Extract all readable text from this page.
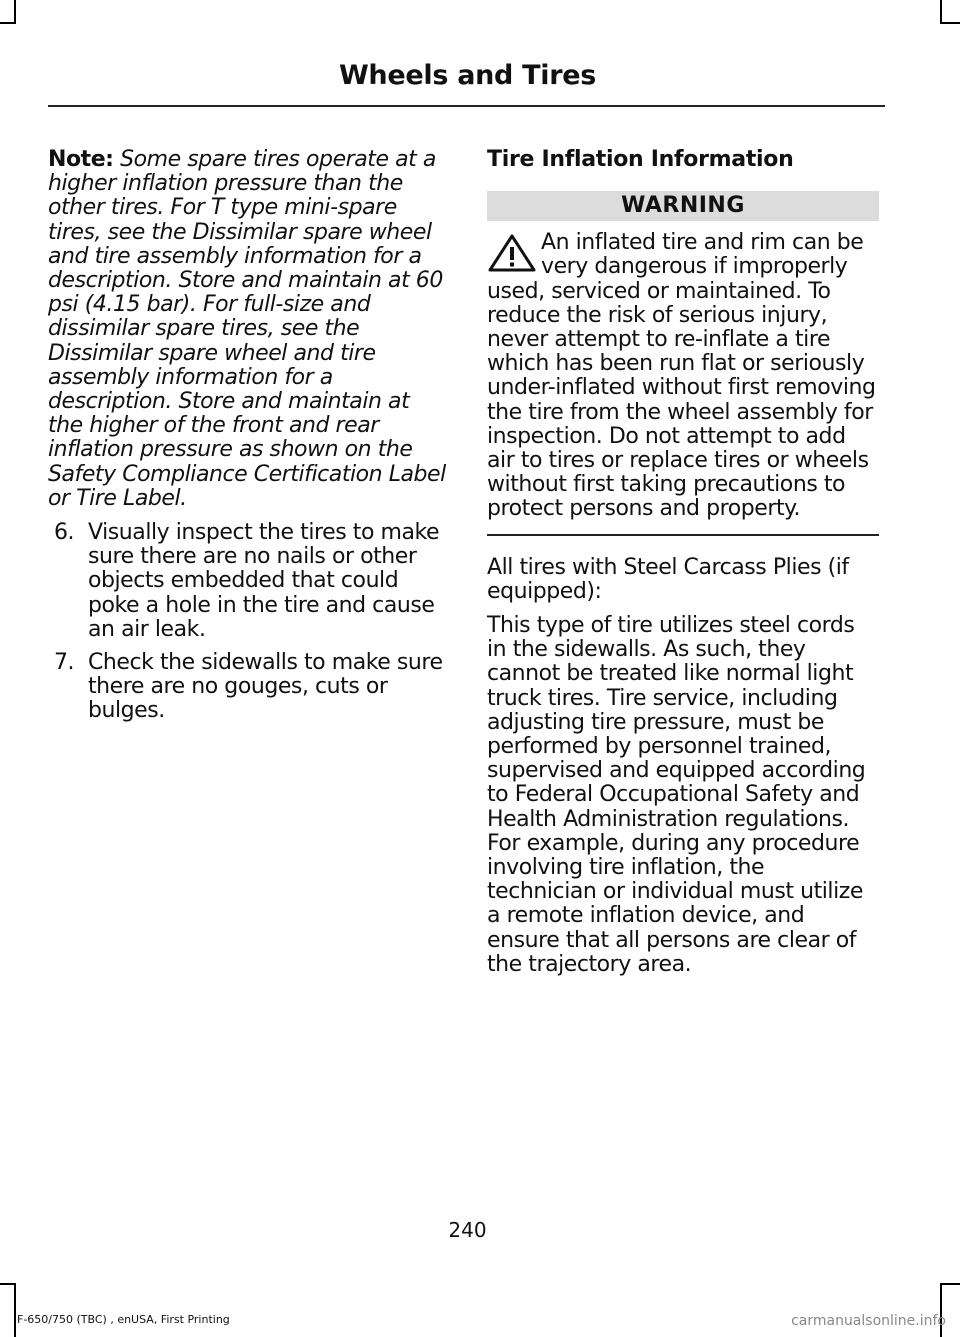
Wheels and Tires

Note: Some spare tires operate at a higher inflation pressure than the other tires. For T type mini-spare tires, see the Dissimilar spare wheel and tire assembly information for a description. Store and maintain at 60 psi (4.15 bar). For full-size and dissimilar spare tires, see the Dissimilar spare wheel and tire assembly information for a description. Store and maintain at the higher of the front and rear inflation pressure as shown on the Safety Compliance Certification Label or Tire Label.

6. Visually inspect the tires to make sure there are no nails or other objects embedded that could poke a hole in the tire and cause an air leak.
7. Check the sidewalls to make sure there are no gouges, cuts or bulges.
Tire Inflation Information
WARNING

An inflated tire and rim can be very dangerous if improperly used, serviced or maintained. To reduce the risk of serious injury, never attempt to re-inflate a tire which has been run flat or seriously under-inflated without first removing the tire from the wheel assembly for inspection. Do not attempt to add air to tires or replace tires or wheels without first taking precautions to protect persons and property.

All tires with Steel Carcass Plies (if equipped):

This type of tire utilizes steel cords in the sidewalls. As such, they cannot be treated like normal light truck tires. Tire service, including adjusting tire pressure, must be performed by personnel trained, supervised and equipped according to Federal Occupational Safety and Health Administration regulations. For example, during any procedure involving tire inflation, the technician or individual must utilize a remote inflation device, and ensure that all persons are clear of the trajectory area.

240
F-650/750 (TBC) , enUSA, First Printing	carmanualsonline.info
